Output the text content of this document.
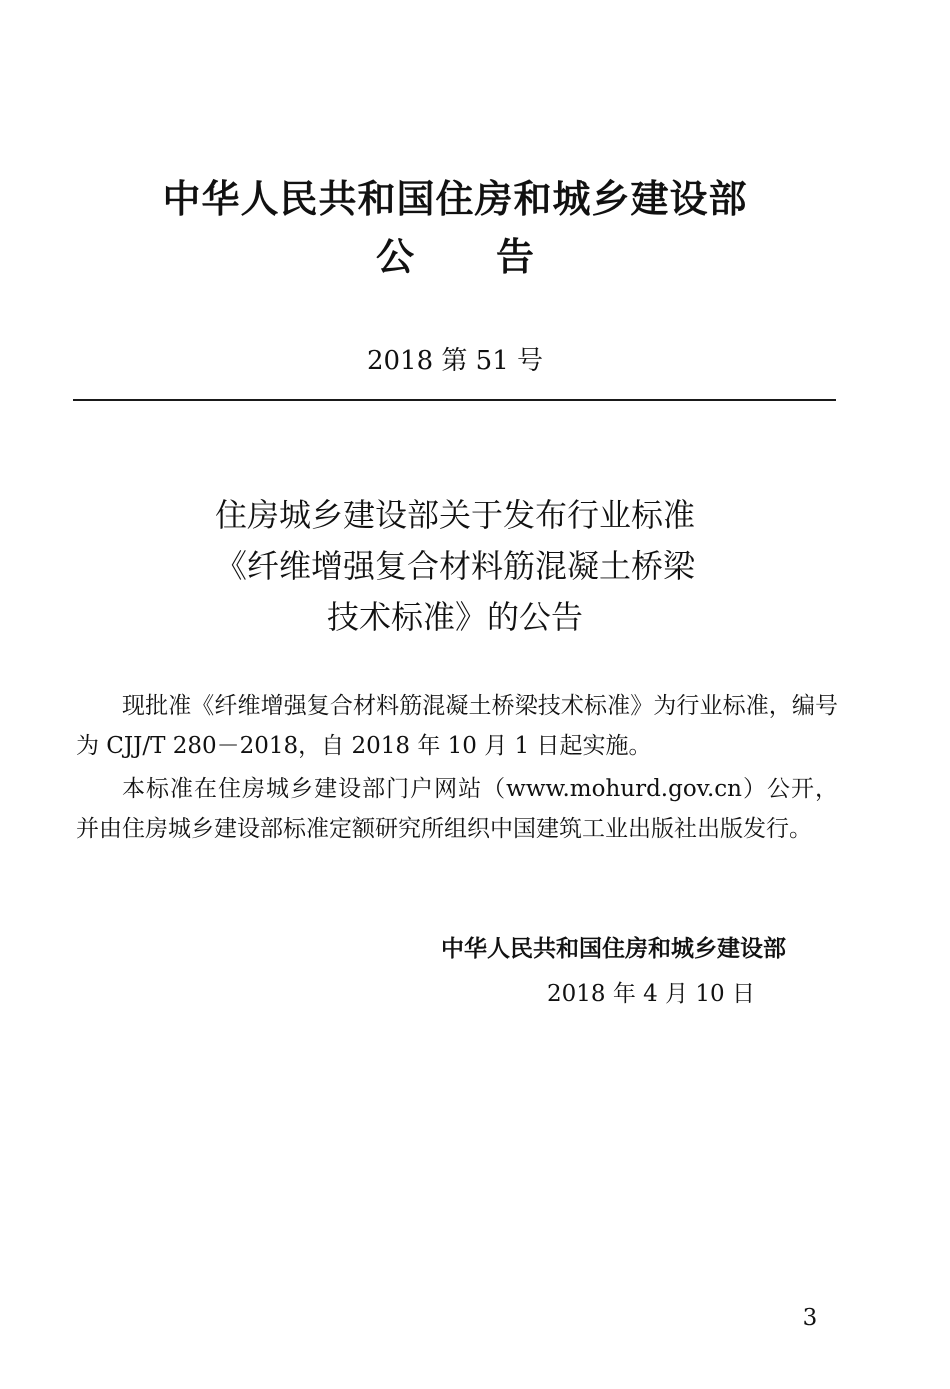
中华人民共和国住房和城乡建设部
公 告
2018 第 51 号
住房城乡建设部关于发布行业标准
《纤维增强复合材料筋混凝土桥梁
技术标准》的公告

现批准《纤维增强复合材料筋混凝土桥梁技术标准》为行业标准，编号为 CJJ/T 280－2018，自 2018 年 10 月 1 日起实施。

本标准在住房城乡建设部门户网站（www.mohurd.gov.cn）公开，并由住房城乡建设部标准定额研究所组织中国建筑工业出版社出版发行。

中华人民共和国住房和城乡建设部
2018 年 4 月 10 日
3
